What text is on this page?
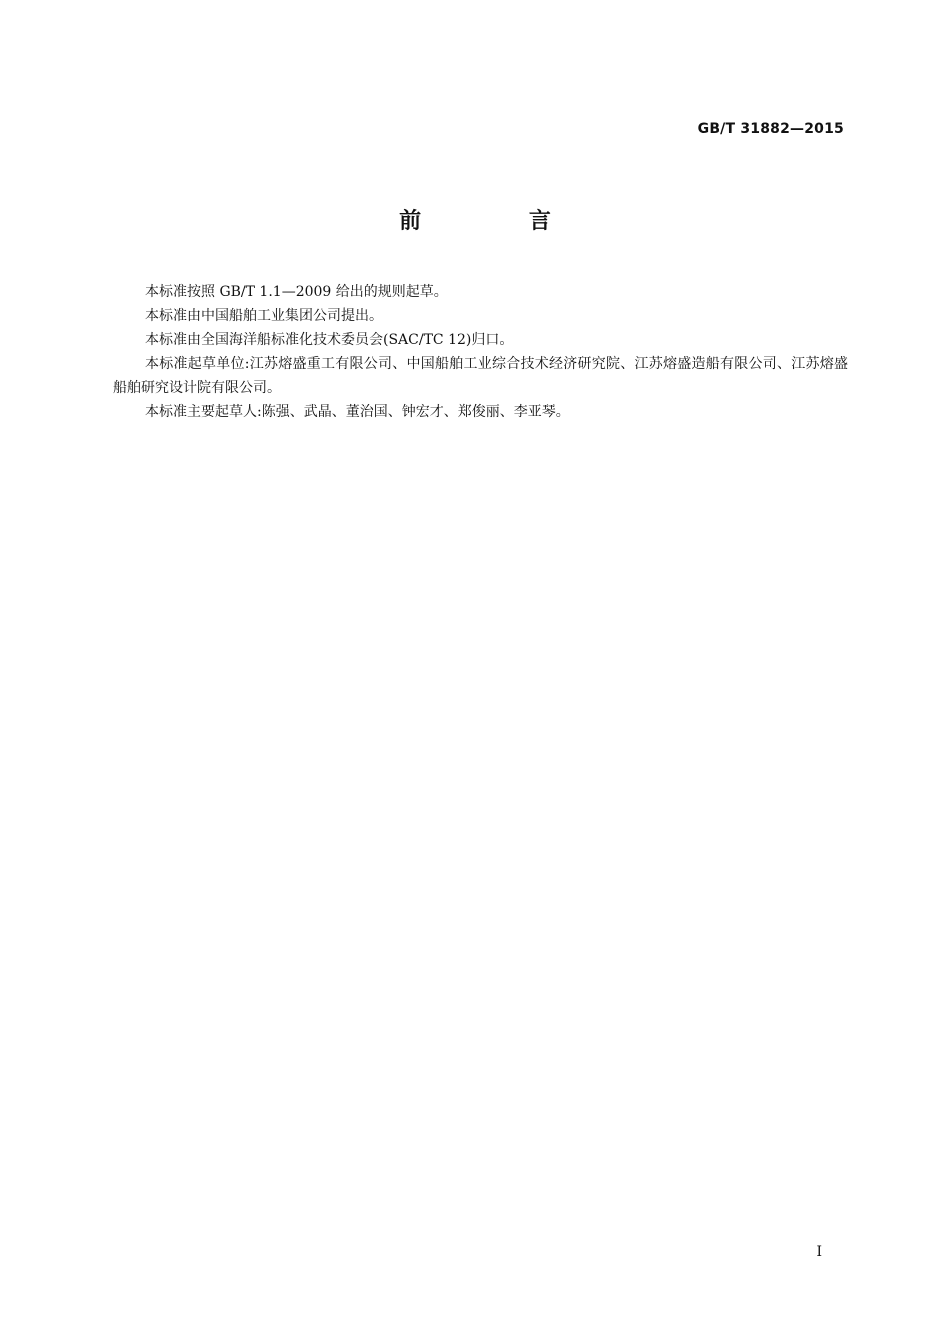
GB/T 31882—2015
前 言

本标准按照 GB/T 1.1—2009 给出的规则起草。

本标准由中国船舶工业集团公司提出。

本标准由全国海洋船标准化技术委员会(SAC/TC 12)归口。

本标准起草单位:江苏熔盛重工有限公司、中国船舶工业综合技术经济研究院、江苏熔盛造船有限公司、江苏熔盛船舶研究设计院有限公司。

本标准主要起草人:陈强、武晶、董治国、钟宏才、郑俊丽、李亚琴。

I
